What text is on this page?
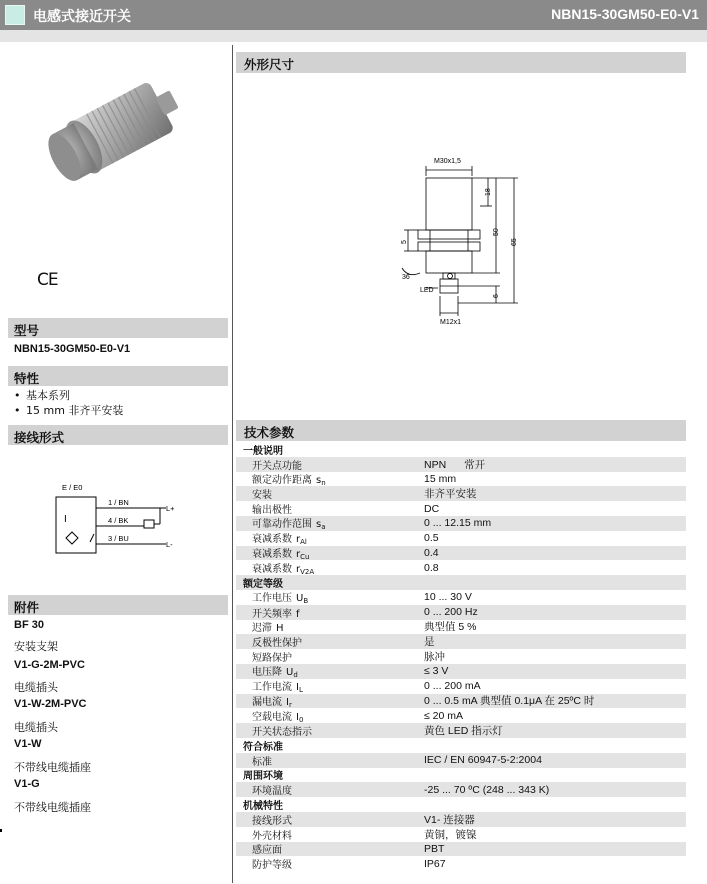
电感式接近开关	NBN15-30GM50-E0-V1
CE
型号
NBN15-30GM50-E0-V1
特性
• 基本系列
• 15 mm 非齐平安装
接线形式
E / E0
I
1 / BN
4 / BK
3 / BU
L+
L-
附件
BF 30
安装支架
V1-G-2M-PVC
电缆插头
V1-W-2M-PVC
电缆插头
V1-W
不带线电缆插座
V1-G
不带线电缆插座
外形尺寸
M30x1,5
18
50
65
5
36
LED
6
M12x1
技术参数
一般说明
开关点功能	NPN 常开
额定动作距离 $s_n$	15 mm
安装	非齐平安装
输出极性	DC
可靠动作范围 $s_a$	0 ... 12.15 mm
衰减系数 $r_{Al}$	0.5
衰减系数 $r_{Cu}$	0.4
衰减系数 $r_{V2A}$	0.8
额定等级
工作电压 $U_B$	10 ... 30 V
开关频率 f	0 ... 200 Hz
迟滞 H	典型值 5 %
反极性保护	是
短路保护	脉冲
电压降 $U_d$	≤ 3 V
工作电流 $I_L$	0 ... 200 mA
漏电流 $I_r$	0 ... 0.5 mA 典型值 0.1μA 在 25ºC 时
空载电流 $I_0$	≤ 20 mA
开关状态指示	黄色 LED 指示灯
符合标准
标准	IEC / EN 60947-5-2:2004
周围环境
环境温度	-25 ... 70 ºC (248 ... 343 K)
机械特性
接线形式	V1- 连接器
外壳材料	黄铜，镀镍
感应面	PBT
防护等级	IP67
